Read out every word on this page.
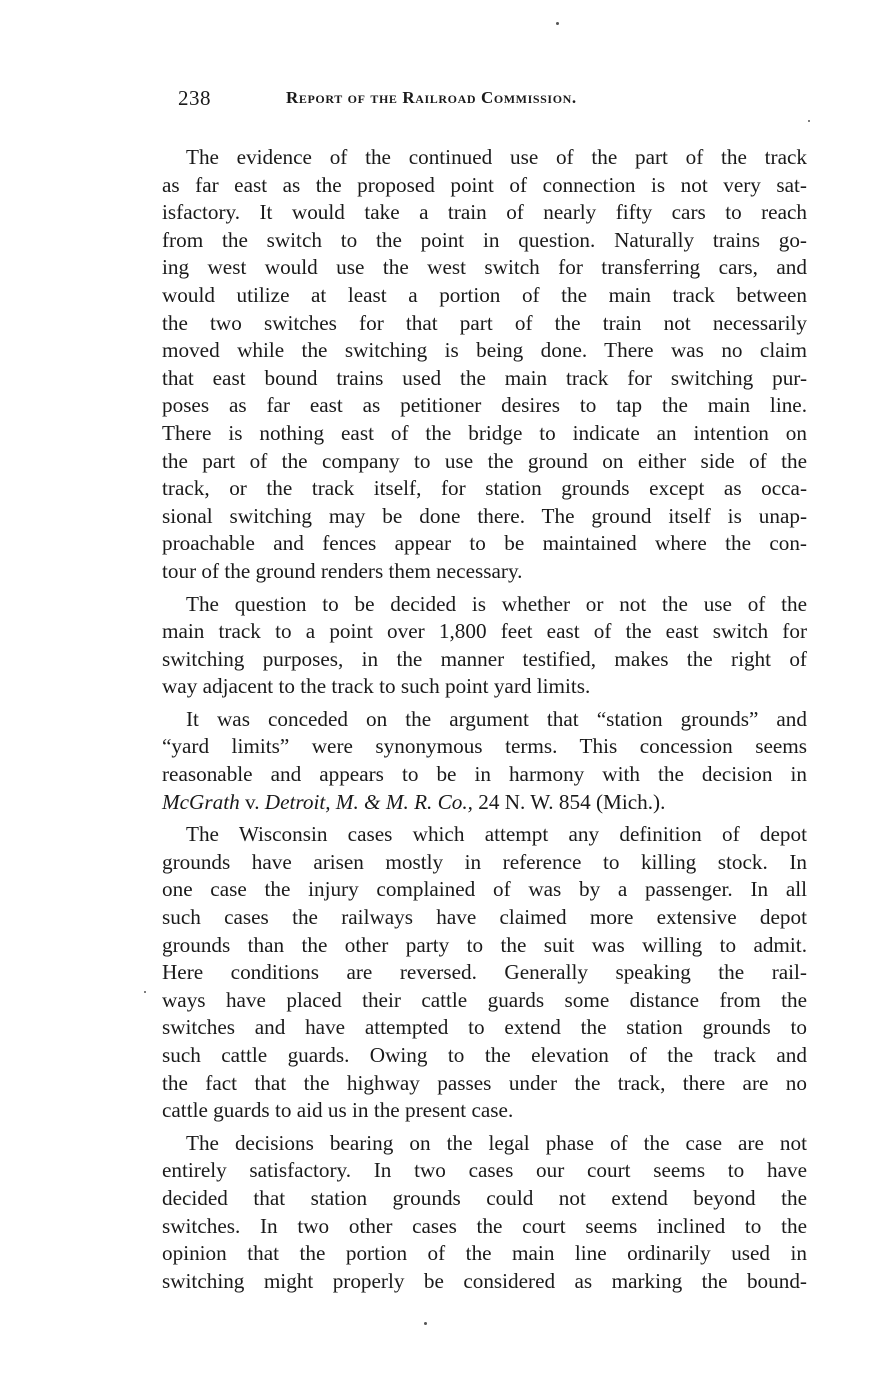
238	Report of the Railroad Commission.
The evidence of the continued use of the part of the track
as far east as the proposed point of connection is not very sat-
isfactory. It would take a train of nearly fifty cars to reach
from the switch to the point in question. Naturally trains go-
ing west would use the west switch for transferring cars, and
would utilize at least a portion of the main track between
the two switches for that part of the train not necessarily
moved while the switching is being done. There was no claim
that east bound trains used the main track for switching pur-
poses as far east as petitioner desires to tap the main line.
There is nothing east of the bridge to indicate an intention on
the part of the company to use the ground on either side of the
track, or the track itself, for station grounds except as occa-
sional switching may be done there. The ground itself is unap-
proachable and fences appear to be maintained where the con-
tour of the ground renders them necessary.
The question to be decided is whether or not the use of the
main track to a point over 1,800 feet east of the east switch for
switching purposes, in the manner testified, makes the right of
way adjacent to the track to such point yard limits.
It was conceded on the argument that “station grounds” and
“yard limits” were synonymous terms. This concession seems
reasonable and appears to be in harmony with the decision in
McGrath v. Detroit, M. & M. R. Co., 24 N. W. 854 (Mich.).
The Wisconsin cases which attempt any definition of depot
grounds have arisen mostly in reference to killing stock. In
one case the injury complained of was by a passenger. In all
such cases the railways have claimed more extensive depot
grounds than the other party to the suit was willing to admit.
Here conditions are reversed. Generally speaking the rail-
ways have placed their cattle guards some distance from the
switches and have attempted to extend the station grounds to
such cattle guards. Owing to the elevation of the track and
the fact that the highway passes under the track, there are no
cattle guards to aid us in the present case.
The decisions bearing on the legal phase of the case are not
entirely satisfactory. In two cases our court seems to have
decided that station grounds could not extend beyond the
switches. In two other cases the court seems inclined to the
opinion that the portion of the main line ordinarily used in
switching might properly be considered as marking the bound-
